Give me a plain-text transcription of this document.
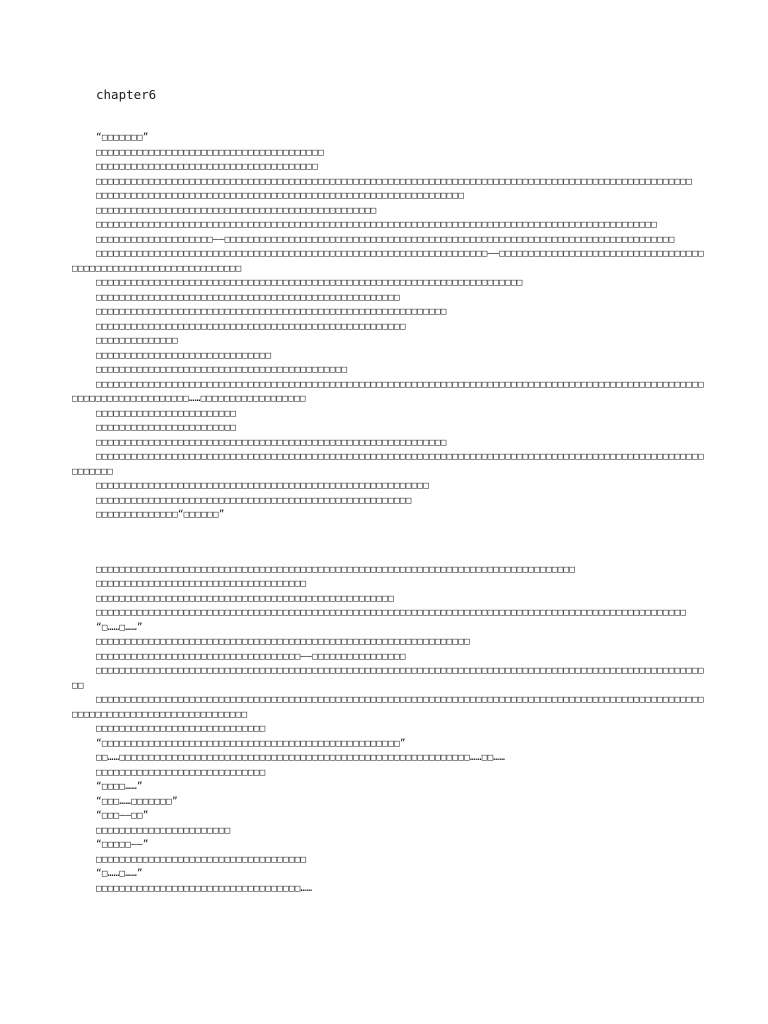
chapter6

“□□□□□□□”

□□□□□□□□□□□□□□□□□□□□□□□□□□□□□□□□□□□□□□□

□□□□□□□□□□□□□□□□□□□□□□□□□□□□□□□□□□□□□□

□□□□□□□□□□□□□□□□□□□□□□□□□□□□□□□□□□□□□□□□□□□□□□□□□□□□□□□□□□□□□□□□□□□□□□□□□□□□□□□□□□□□□□□□□□□□□□□□□□□□□□

□□□□□□□□□□□□□□□□□□□□□□□□□□□□□□□□□□□□□□□□□□□□□□□□□□□□□□□□□□□□□□□

□□□□□□□□□□□□□□□□□□□□□□□□□□□□□□□□□□□□□□□□□□□□□□□□

□□□□□□□□□□□□□□□□□□□□□□□□□□□□□□□□□□□□□□□□□□□□□□□□□□□□□□□□□□□□□□□□□□□□□□□□□□□□□□□□□□□□□□□□□□□□□□□□

□□□□□□□□□□□□□□□□□□□□——□□□□□□□□□□□□□□□□□□□□□□□□□□□□□□□□□□□□□□□□□□□□□□□□□□□□□□□□□□□□□□□□□□□□□□□□□□□□□

□□□□□□□□□□□□□□□□□□□□□□□□□□□□□□□□□□□□□□□□□□□□□□□□□□□□□□□□□□□□□□□□□□□——□□□□□□□□□□□□□□□□□□□□□□□□□□□□□□□□□□□□□□□□□□□□□□□□□□□□□□□□□□□□□□□□

□□□□□□□□□□□□□□□□□□□□□□□□□□□□□□□□□□□□□□□□□□□□□□□□□□□□□□□□□□□□□□□□□□□□□□□□□

□□□□□□□□□□□□□□□□□□□□□□□□□□□□□□□□□□□□□□□□□□□□□□□□□□□□

□□□□□□□□□□□□□□□□□□□□□□□□□□□□□□□□□□□□□□□□□□□□□□□□□□□□□□□□□□□□

□□□□□□□□□□□□□□□□□□□□□□□□□□□□□□□□□□□□□□□□□□□□□□□□□□□□□

□□□□□□□□□□□□□□

□□□□□□□□□□□□□□□□□□□□□□□□□□□□□□

□□□□□□□□□□□□□□□□□□□□□□□□□□□□□□□□□□□□□□□□□□□

□□□□□□□□□□□□□□□□□□□□□□□□□□□□□□□□□□□□□□□□□□□□□□□□□□□□□□□□□□□□□□□□□□□□□□□□□□□□□□□□□□□□□□□□□□□□□□□□□□□□□□□□□□□□□□□□□□□□□□□□□□□□……□□□□□□□□□□□□□□□□□□

□□□□□□□□□□□□□□□□□□□□□□□□

□□□□□□□□□□□□□□□□□□□□□□□□

□□□□□□□□□□□□□□□□□□□□□□□□□□□□□□□□□□□□□□□□□□□□□□□□□□□□□□□□□□□□

□□□□□□□□□□□□□□□□□□□□□□□□□□□□□□□□□□□□□□□□□□□□□□□□□□□□□□□□□□□□□□□□□□□□□□□□□□□□□□□□□□□□□□□□□□□□□□□□□□□□□□□□□□□□□□□

□□□□□□□□□□□□□□□□□□□□□□□□□□□□□□□□□□□□□□□□□□□□□□□□□□□□□□□□□

□□□□□□□□□□□□□□□□□□□□□□□□□□□□□□□□□□□□□□□□□□□□□□□□□□□□□□

□□□□□□□□□□□□□□“□□□□□□”

□□□□□□□□□□□□□□□□□□□□□□□□□□□□□□□□□□□□□□□□□□□□□□□□□□□□□□□□□□□□□□□□□□□□□□□□□□□□□□□□□□

□□□□□□□□□□□□□□□□□□□□□□□□□□□□□□□□□□□□

□□□□□□□□□□□□□□□□□□□□□□□□□□□□□□□□□□□□□□□□□□□□□□□□□□□

□□□□□□□□□□□□□□□□□□□□□□□□□□□□□□□□□□□□□□□□□□□□□□□□□□□□□□□□□□□□□□□□□□□□□□□□□□□□□□□□□□□□□□□□□□□□□□□□□□□□□

“□……□……”

□□□□□□□□□□□□□□□□□□□□□□□□□□□□□□□□□□□□□□□□□□□□□□□□□□□□□□□□□□□□□□□□

□□□□□□□□□□□□□□□□□□□□□□□□□□□□□□□□□□□——□□□□□□□□□□□□□□□□

□□□□□□□□□□□□□□□□□□□□□□□□□□□□□□□□□□□□□□□□□□□□□□□□□□□□□□□□□□□□□□□□□□□□□□□□□□□□□□□□□□□□□□□□□□□□□□□□□□□□□□□□□□

□□□□□□□□□□□□□□□□□□□□□□□□□□□□□□□□□□□□□□□□□□□□□□□□□□□□□□□□□□□□□□□□□□□□□□□□□□□□□□□□□□□□□□□□□□□□□□□□□□□□□□□□□□□□□□□□□□□□□□□□□□□□□□□□□□□□□□

□□□□□□□□□□□□□□□□□□□□□□□□□□□□□

“□□□□□□□□□□□□□□□□□□□□□□□□□□□□□□□□□□□□□□□□□□□□□□□□□□□”

□□……□□□□□□□□□□□□□□□□□□□□□□□□□□□□□□□□□□□□□□□□□□□□□□□□□□□□□□□□□□□□……□□……

□□□□□□□□□□□□□□□□□□□□□□□□□□□□□

“□□□□……”

“□□□……□□□□□□□”

“□□□——□□”

□□□□□□□□□□□□□□□□□□□□□□□

“□□□□□——”

□□□□□□□□□□□□□□□□□□□□□□□□□□□□□□□□□□□□

“□……□……”

□□□□□□□□□□□□□□□□□□□□□□□□□□□□□□□□□□□……
